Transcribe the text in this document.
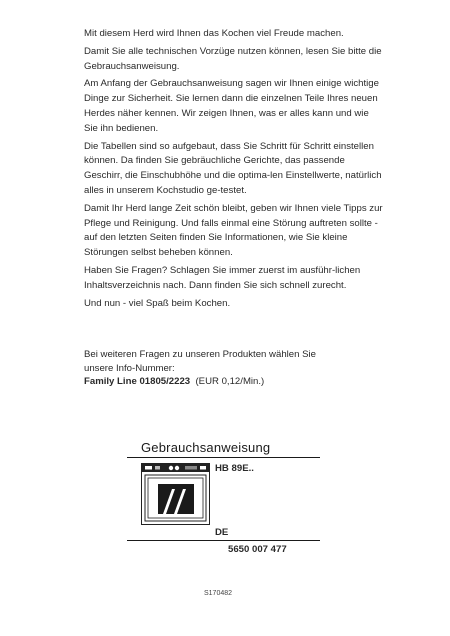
Mit diesem Herd wird Ihnen das Kochen viel Freude machen.

Damit Sie alle technischen Vorzüge nutzen können, lesen Sie bitte die Gebrauchsanweisung.

Am Anfang der Gebrauchsanweisung sagen wir Ihnen einige wichtige Dinge zur Sicherheit. Sie lernen dann die einzelnen Teile Ihres neuen Herdes näher kennen. Wir zeigen Ihnen, was er alles kann und wie Sie ihn bedienen.

Die Tabellen sind so aufgebaut, dass Sie Schritt für Schritt einstellen können. Da finden Sie gebräuchliche Gerichte, das passende Geschirr, die Einschubhöhe und die optima-len Einstellwerte, natürlich alles in unserem Kochstudio ge-testet.

Damit Ihr Herd lange Zeit schön bleibt, geben wir Ihnen viele Tipps zur Pflege und Reinigung. Und falls einmal eine Störung auftreten sollte - auf den letzten Seiten finden Sie Informationen, wie Sie kleine Störungen selbst beheben können.

Haben Sie Fragen? Schlagen Sie immer zuerst im ausführ-lichen Inhaltsverzeichnis nach. Dann finden Sie sich schnell zurecht.

Und nun - viel Spaß beim Kochen.

Bei weiteren Fragen zu unseren Produkten wählen Sie

unsere Info-Nummer:

Family Line 01805/2223 (EUR 0,12/Min.)

Gebrauchsanweisung
HB 89E..
DE
5650 007 477
S170482
